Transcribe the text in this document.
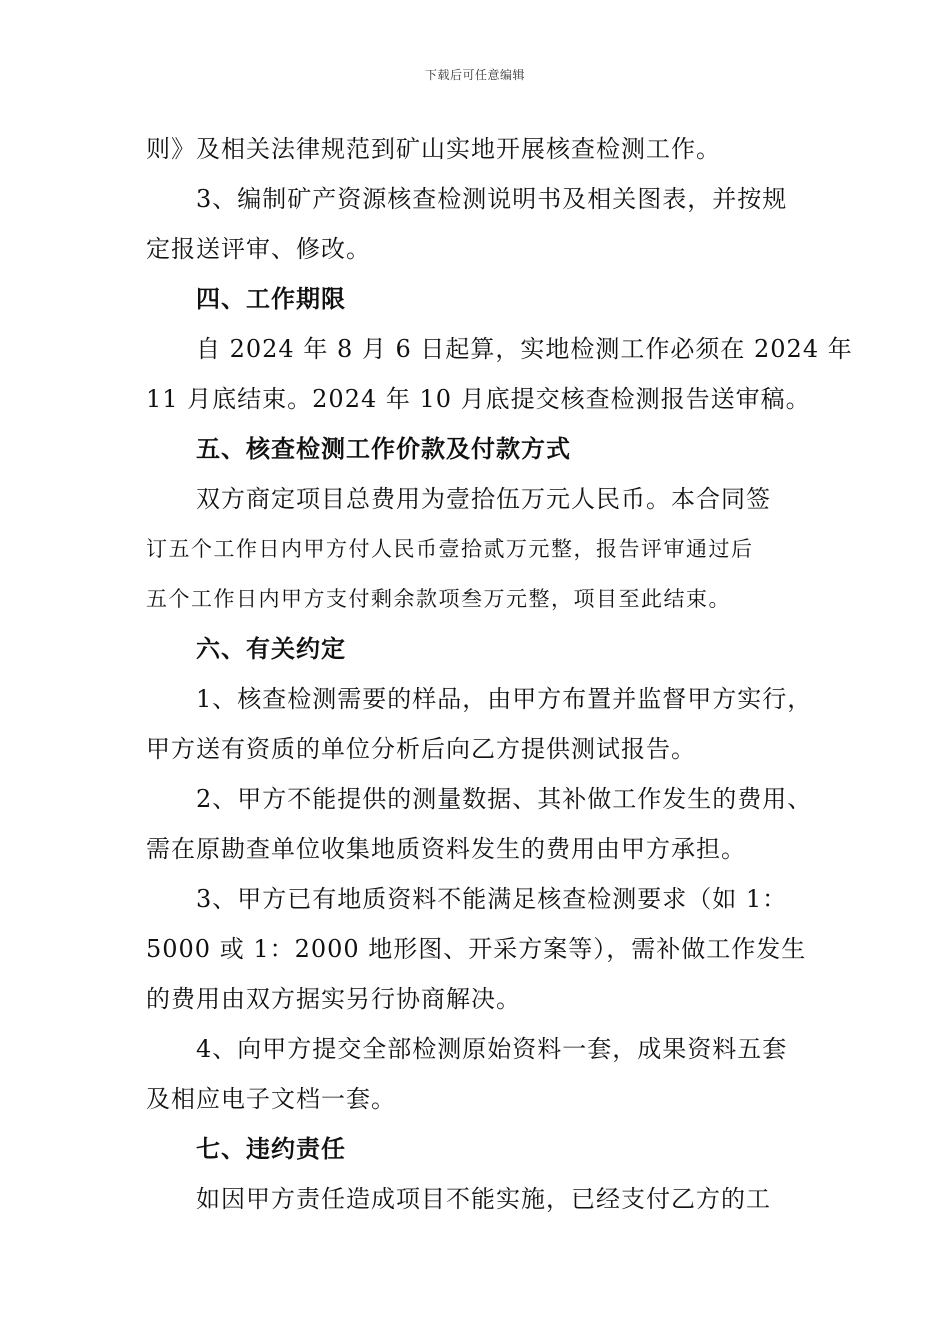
下载后可任意编辑
则》及相关法律规范到矿山实地开展核查检测工作。
3、编制矿产资源核查检测说明书及相关图表，并按规
定报送评审、修改。
四、工作期限
自 2024 年 8 月 6 日起算，实地检测工作必须在 2024 年
11 月底结束。2024 年 10 月底提交核查检测报告送审稿。
五、核查检测工作价款及付款方式
双方商定项目总费用为壹拾伍万元人民币。本合同签
订五个工作日内甲方付人民币壹拾贰万元整，报告评审通过后
五个工作日内甲方支付剩余款项叁万元整，项目至此结束。
六、有关约定
1、核查检测需要的样品，由甲方布置并监督甲方实行，
甲方送有资质的单位分析后向乙方提供测试报告。
2、甲方不能提供的测量数据、其补做工作发生的费用、
需在原勘查单位收集地质资料发生的费用由甲方承担。
3、甲方已有地质资料不能满足核查检测要求（如 1：
5000 或 1：2000 地形图、开采方案等），需补做工作发生
的费用由双方据实另行协商解决。
4、向甲方提交全部检测原始资料一套，成果资料五套
及相应电子文档一套。
七、违约责任
如因甲方责任造成项目不能实施，已经支付乙方的工
